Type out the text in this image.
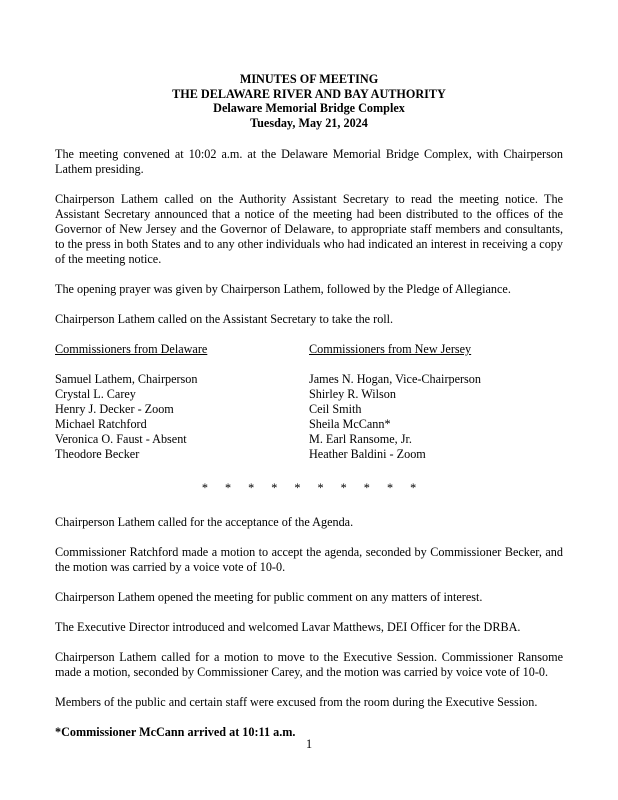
MINUTES OF MEETING
THE DELAWARE RIVER AND BAY AUTHORITY
Delaware Memorial Bridge Complex
Tuesday, May 21, 2024

The meeting convened at 10:02 a.m. at the Delaware Memorial Bridge Complex, with Chairperson Lathem presiding.

Chairperson Lathem called on the Authority Assistant Secretary to read the meeting notice. The Assistant Secretary announced that a notice of the meeting had been distributed to the offices of the Governor of New Jersey and the Governor of Delaware, to appropriate staff members and consultants, to the press in both States and to any other individuals who had indicated an interest in receiving a copy of the meeting notice.

The opening prayer was given by Chairperson Lathem, followed by the Pledge of Allegiance.

Chairperson Lathem called on the Assistant Secretary to take the roll.

Commissioners from Delaware
Samuel Lathem, Chairperson
Crystal L. Carey
Henry J. Decker - Zoom
Michael Ratchford
Veronica O. Faust - Absent
Theodore Becker
Commissioners from New Jersey
James N. Hogan, Vice-Chairperson
Shirley R. Wilson
Ceil Smith
Sheila McCann*
M. Earl Ransome, Jr.
Heather Baldini - Zoom
* * * * * * * * * *

Chairperson Lathem called for the acceptance of the Agenda.

Commissioner Ratchford made a motion to accept the agenda, seconded by Commissioner Becker, and the motion was carried by a voice vote of 10-0.

Chairperson Lathem opened the meeting for public comment on any matters of interest.

The Executive Director introduced and welcomed Lavar Matthews, DEI Officer for the DRBA.

Chairperson Lathem called for a motion to move to the Executive Session. Commissioner Ransome made a motion, seconded by Commissioner Carey, and the motion was carried by voice vote of 10-0.

Members of the public and certain staff were excused from the room during the Executive Session.

*Commissioner McCann arrived at 10:11 a.m.

1
